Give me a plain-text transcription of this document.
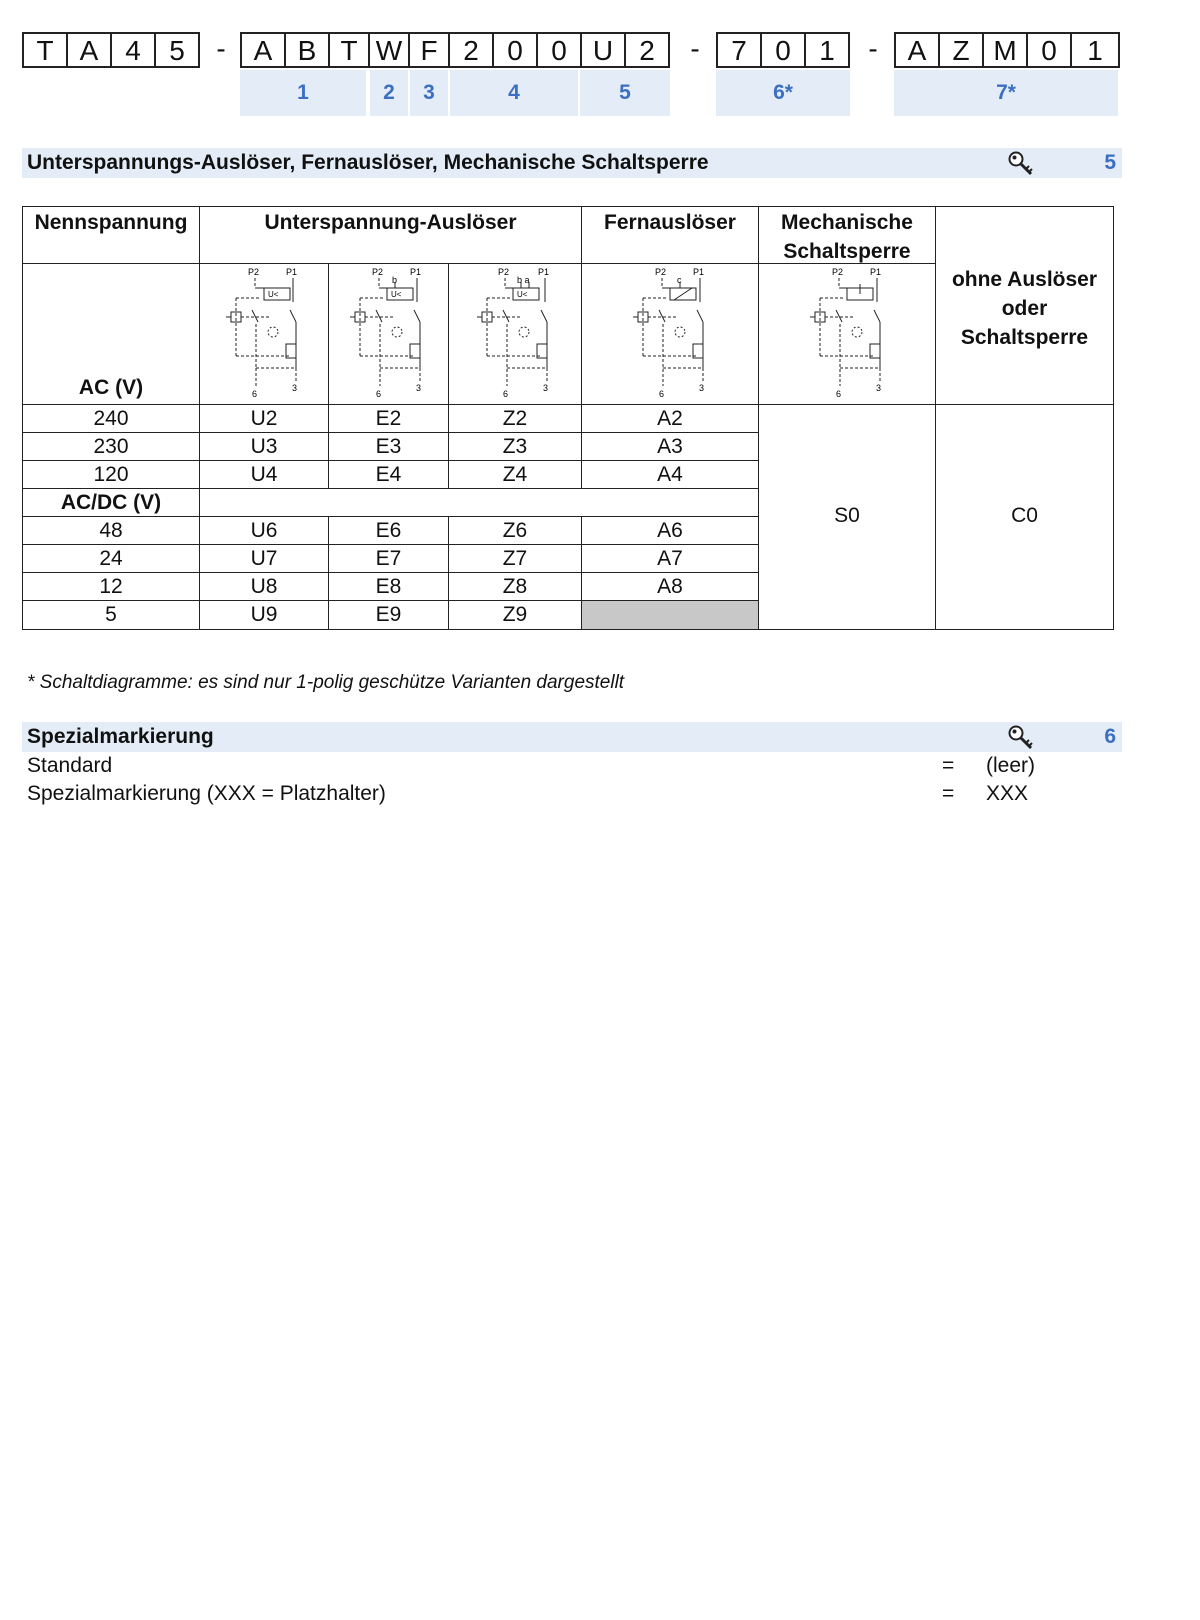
T A 4	5	-	A B T W F 2	0	0 U 2	-	7	0	1	-	A Z M 0	1
1	2	3	4	5	6*	7*
Unterspannungs-Auslöser, Fernauslöser, Mechanische Schaltsperre	5
Nennspannung	Unterspannung-Auslöser	Fernauslöser	Mechanische
Schaltsperre
ohne Auslöser
oder
Schaltsperre
AC (V)
P2	P1
U<
6
3
P2	P1
b
U<
6
3
P2	P1
b a
U<
6
3
P2	P1
c
6
3
P2	P1
6
3
240	U2	E2	Z2	A2
230	U3	E3	Z3	A3
120	U4	E4	Z4	A4
AC/DC (V)
48	U6	E6	Z6	A6
24	U7	E7	Z7	A7
12	U8	E8	Z8	A8
5	U9	E9	Z9
S0	C0
* Schaltdiagramme: es sind nur 1-polig geschütze Varianten dargestellt
Spezialmarkierung	6
Standard	= (leer)
Spezialmarkierung (XXX = Platzhalter)	= XXX
